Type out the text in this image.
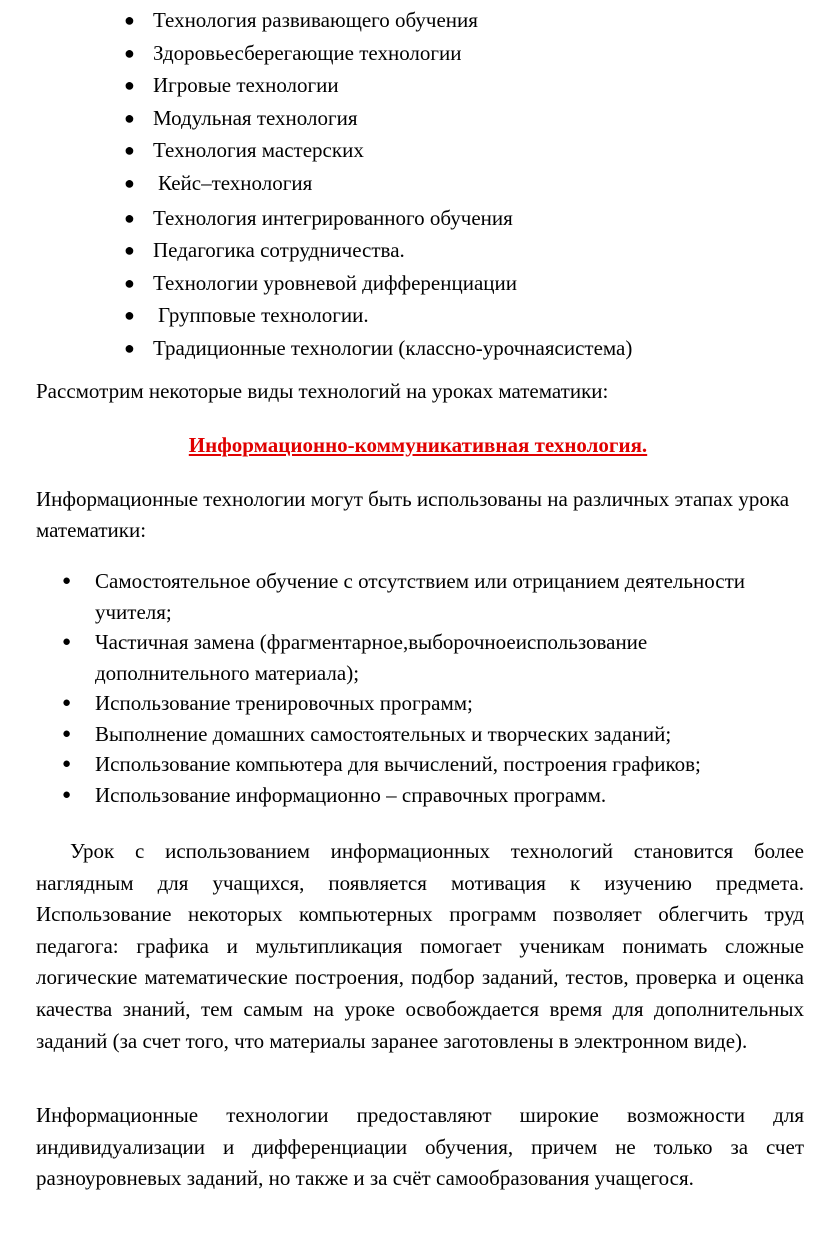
● Технология развивающего обучения
● Здоровьесберегающие технологии
● Игровые технологии
● Модульная технология
● Технология мастерских
● Кейс–технология
● Технология интегрированного обучения
● Педагогика сотрудничества.
● Технологии уровневой дифференциации
● Групповые технологии.
● Традиционные технологии (классно-урочнаясистема)

Рассмотрим некоторые виды технологий на уроках математики:

Информационно-коммуникативная технология.

Информационные технологии могут быть использованы на различных этапах урока математики:

● Самостоятельное обучение с отсутствием или отрицанием деятельности учителя;
● Частичная замена (фрагментарное,выборочноеиспользование дополнительного материала);
● Использование тренировочных программ;
● Выполнение домашних самостоятельных и творческих заданий;
● Использование компьютера для вычислений, построения графиков;
● Использование информационно – справочных программ.

Урок с использованием информационных технологий становится более наглядным для учащихся, появляется мотивация к изучению предмета. Использование некоторых компьютерных программ позволяет облегчить труд педагога: графика и мультипликация помогает ученикам понимать сложные логические математические построения, подбор заданий, тестов, проверка и оценка качества знаний, тем самым на уроке освобождается время для дополнительных заданий (за счет того, что материалы заранее заготовлены в электронном виде).

Информационные технологии предоставляют широкие возможности для индивидуализации и дифференциации обучения, причем не только за счет разноуровневых заданий, но также и за счёт самообразования учащегося.
